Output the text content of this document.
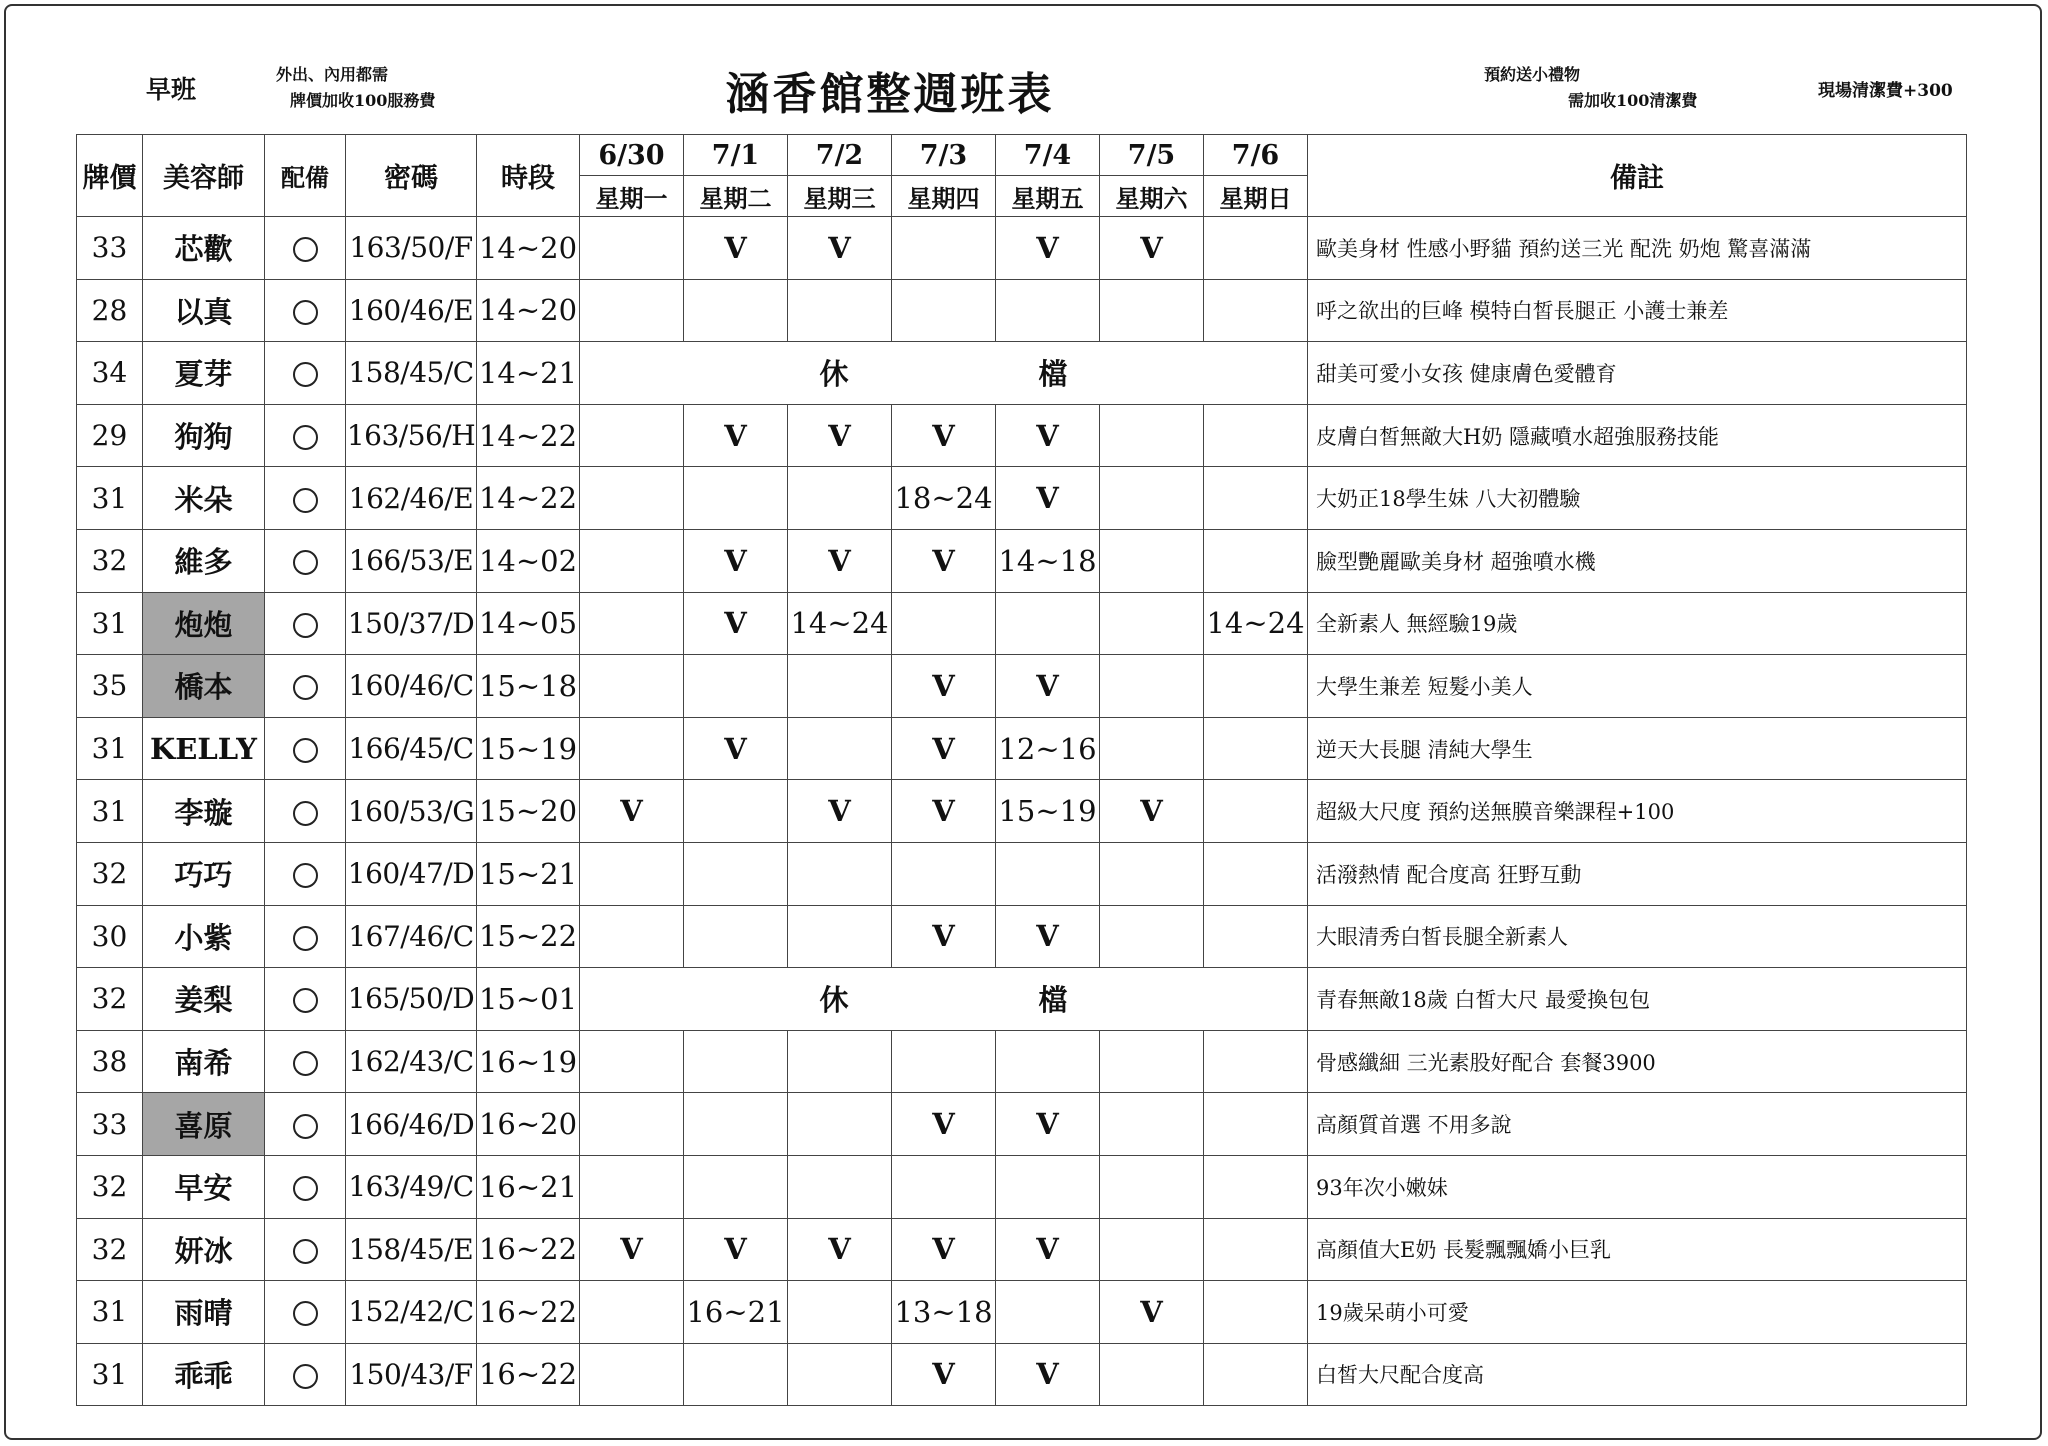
早班
外出、內用都需
牌價加收100服務費	涵香館整週班表	預約送小禮物
需加收100清潔費	現場清潔費+300
牌價	美容師	配備	密碼	時段	6/30	7/1	7/2	7/3	7/4	7/5	7/6	備註
					星期一	星期二	星期三	星期四	星期五	星期六	星期日	
33	芯歡		163/50/F	14~20		V	V		V	V		歐美身材 性感小野貓 預約送三光 配洗 奶炮 驚喜滿滿
28	以真		160/46/E	14~20								呼之欲出的巨峰 模特白皙長腿正 小護士兼差
34	夏芽		158/45/C	14~21	休 檔							甜美可愛小女孩 健康膚色愛體育
29	狗狗		163/56/H	14~22		V	V	V	V			皮膚白皙無敵大H奶 隱藏噴水超強服務技能
31	米朵		162/46/E	14~22				18~24	V			大奶正18學生妹 八大初體驗
32	維多		166/53/E	14~02		V	V	V	14~18			臉型艷麗歐美身材 超強噴水機
31	炮炮		150/37/D	14~05		V	14~24				14~24	全新素人 無經驗19歲
35	橋本		160/46/C	15~18				V	V			大學生兼差 短髮小美人
31	KELLY		166/45/C	15~19		V		V	12~16			逆天大長腿 清純大學生
31	李璇		160/53/G	15~20	V		V	V	15~19	V		超級大尺度 預約送無膜音樂課程+100
32	巧巧		160/47/D	15~21								活潑熱情 配合度高 狂野互動
30	小紫		167/46/C	15~22				V	V			大眼清秀白皙長腿全新素人
32	姜梨		165/50/D	15~01	休 檔							青春無敵18歲 白皙大尺 最愛換包包
38	南希		162/43/C	16~19								骨感纖細 三光素股好配合 套餐3900
33	喜原		166/46/D	16~20				V	V			高顏質首選 不用多說
32	早安		163/49/C	16~21								93年次小嫩妹
32	妍冰		158/45/E	16~22	V	V	V	V	V			高顏值大E奶 長髮飄飄嬌小巨乳
31	雨晴		152/42/C	16~22		16~21		13~18		V		19歲呆萌小可愛
31	乖乖		150/43/F	16~22				V	V			白皙大尺配合度高
